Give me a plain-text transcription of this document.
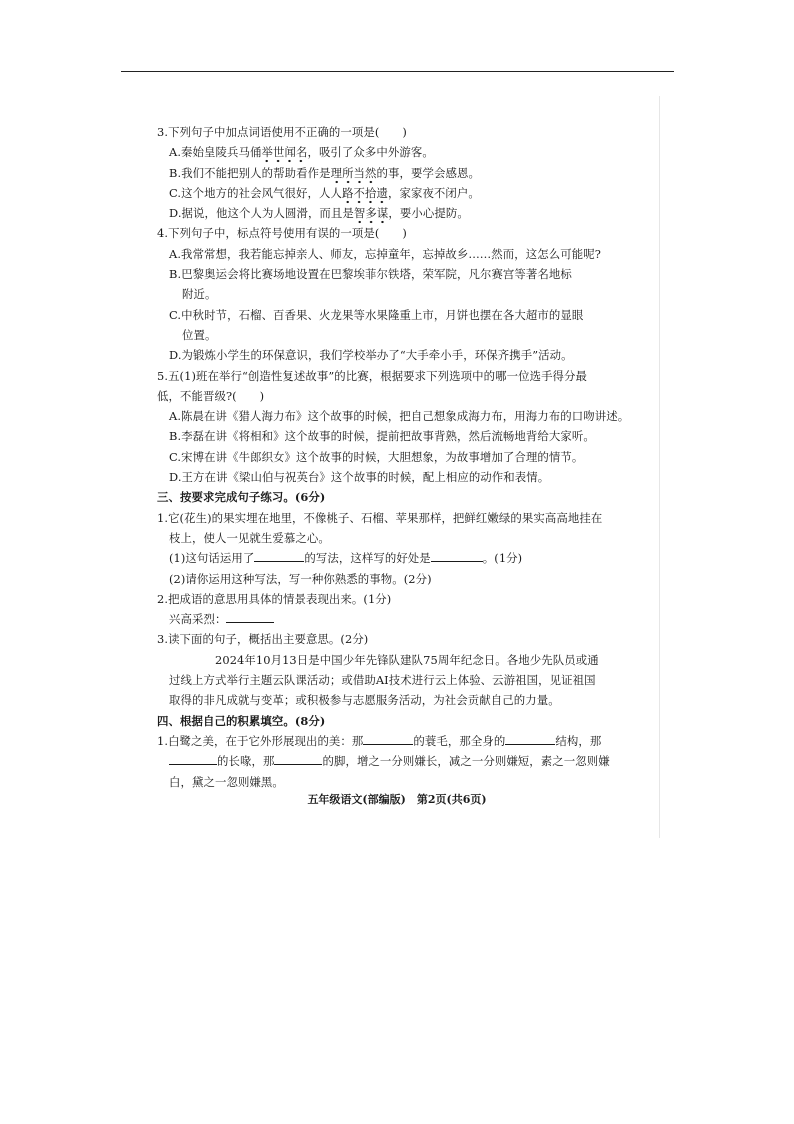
3.下列句子中加点词语使用不正确的一项是(　　)

A.秦始皇陵兵马俑举世闻名，吸引了众多中外游客。

B.我们不能把别人的帮助看作是理所当然的事，要学会感恩。

C.这个地方的社会风气很好，人人路不拾遗，家家夜不闭户。

D.据说，他这个人为人圆滑，而且是智多谋，要小心提防。

4.下列句子中，标点符号使用有误的一项是(　　)

A.我常常想，我若能忘掉亲人、师友，忘掉童年，忘掉故乡……然而，这怎么可能呢?

B.巴黎奥运会将比赛场地设置在巴黎埃菲尔铁塔，荣军院，凡尔赛宫等著名地标

附近。

C.中秋时节，石榴、百香果、火龙果等水果隆重上市，月饼也摆在各大超市的显眼

位置。

D.为锻炼小学生的环保意识，我们学校举办了“大手牵小手，环保齐携手”活动。

5.五(1)班在举行“创造性复述故事”的比赛，根据要求下列选项中的哪一位选手得分最

低，不能晋级?(　　)

A.陈晨在讲《猎人海力布》这个故事的时候，把自己想象成海力布，用海力布的口吻讲述。

B.李磊在讲《将相和》这个故事的时候，提前把故事背熟，然后流畅地背给大家听。

C.宋博在讲《牛郎织女》这个故事的时候，大胆想象，为故事增加了合理的情节。

D.王方在讲《梁山伯与祝英台》这个故事的时候，配上相应的动作和表情。

三、按要求完成句子练习。(6分)

1.它(花生)的果实埋在地里，不像桃子、石榴、苹果那样，把鲜红嫩绿的果实高高地挂在

枝上，使人一见就生爱慕之心。

(1)这句话运用了	的写法，这样写的好处是	。(1分)

(2)请你运用这种写法，写一种你熟悉的事物。(2分)

2.把成语的意思用具体的情景表现出来。(1分)

兴高采烈：

3.读下面的句子，概括出主要意思。(2分)

2024年10月13日是中国少年先锋队建队75周年纪念日。各地少先队员或通

过线上方式举行主题云队课活动；或借助AI技术进行云上体验、云游祖国，见证祖国

取得的非凡成就与变革；或积极参与志愿服务活动，为社会贡献自己的力量。

四、根据自己的积累填空。(8分)

1.白鹭之美，在于它外形展现出的美：那	的蓑毛，那全身的	结构，那

的长喙，那	的脚，增之一分则嫌长，减之一分则嫌短，素之一忽则嫌

白，黛之一忽则嫌黑。

五年级语文(部编版)　第2页(共6页)
